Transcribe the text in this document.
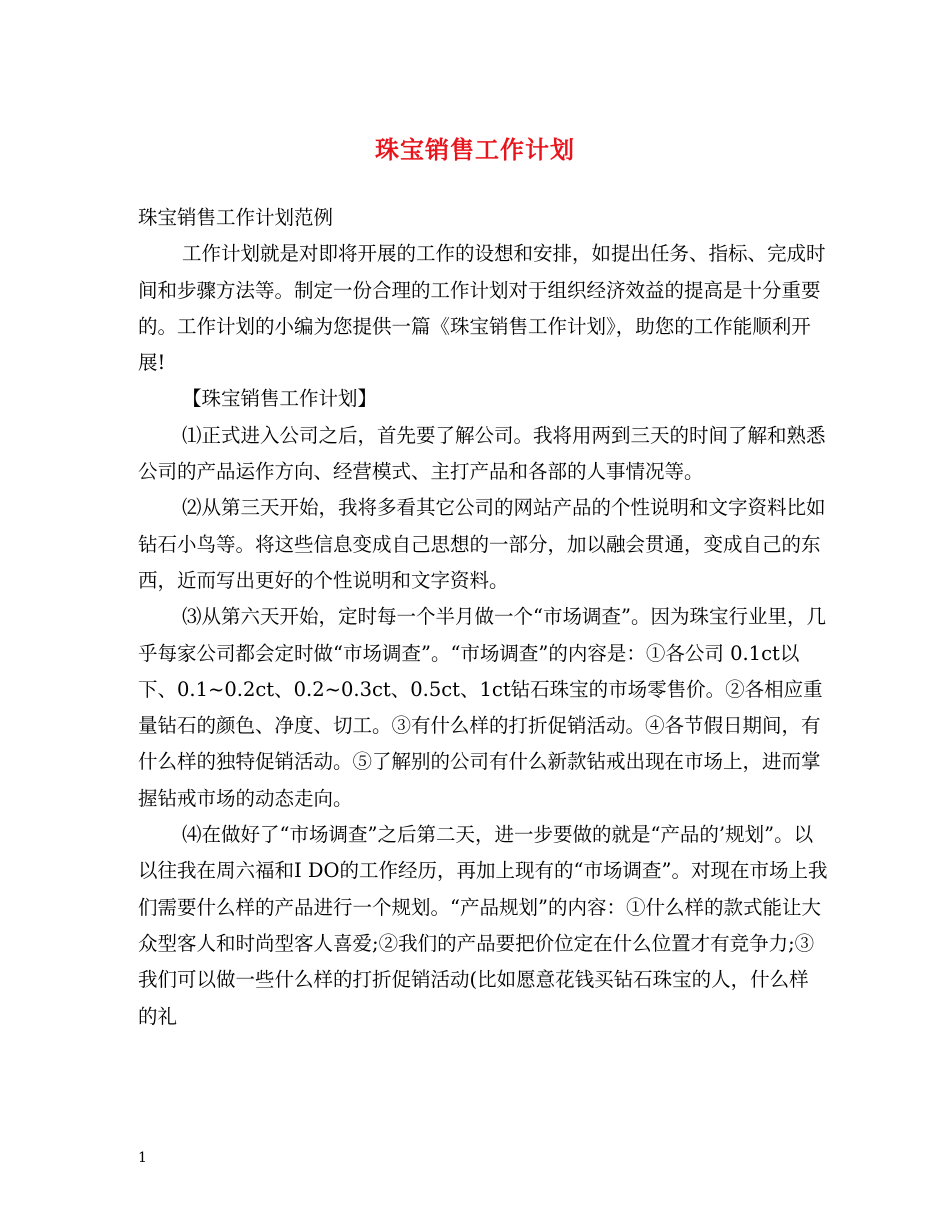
珠宝销售工作计划

珠宝销售工作计划范例

工作计划就是对即将开展的工作的设想和安排，如提出任务、指标、完成时间和步骤方法等。制定一份合理的工作计划对于组织经济效益的提高是十分重要的。工作计划的小编为您提供一篇《珠宝销售工作计划》，助您的工作能顺利开展!

【珠宝销售工作计划】

⑴正式进入公司之后，首先要了解公司。我将用两到三天的时间了解和熟悉公司的产品运作方向、经营模式、主打产品和各部的人事情况等。

⑵从第三天开始，我将多看其它公司的网站产品的个性说明和文字资料比如钻石小鸟等。将这些信息变成自己思想的一部分，加以融会贯通，变成自己的东西，近而写出更好的个性说明和文字资料。

⑶从第六天开始，定时每一个半月做一个“市场调查”。因为珠宝行业里，几乎每家公司都会定时做“市场调查”。“市场调查”的内容是：①各公司 0.1ct以下、0.1~0.2ct、0.2~0.3ct、0.5ct、1ct钻石珠宝的市场零售价。②各相应重量钻石的颜色、净度、切工。③有什么样的打折促销活动。④各节假日期间，有什么样的独特促销活动。⑤了解别的公司有什么新款钻戒出现在市场上，进而掌握钻戒市场的动态走向。

⑷在做好了“市场调查”之后第二天，进一步要做的就是“产品的’规划”。以以往我在周六福和I DO的工作经历，再加上现有的“市场调查”。对现在市场上我们需要什么样的产品进行一个规划。“产品规划”的内容：①什么样的款式能让大众型客人和时尚型客人喜爱;②我们的产品要把价位定在什么位置才有竞争力;③我们可以做一些什么样的打折促销活动(比如愿意花钱买钻石珠宝的人，什么样的礼

1
